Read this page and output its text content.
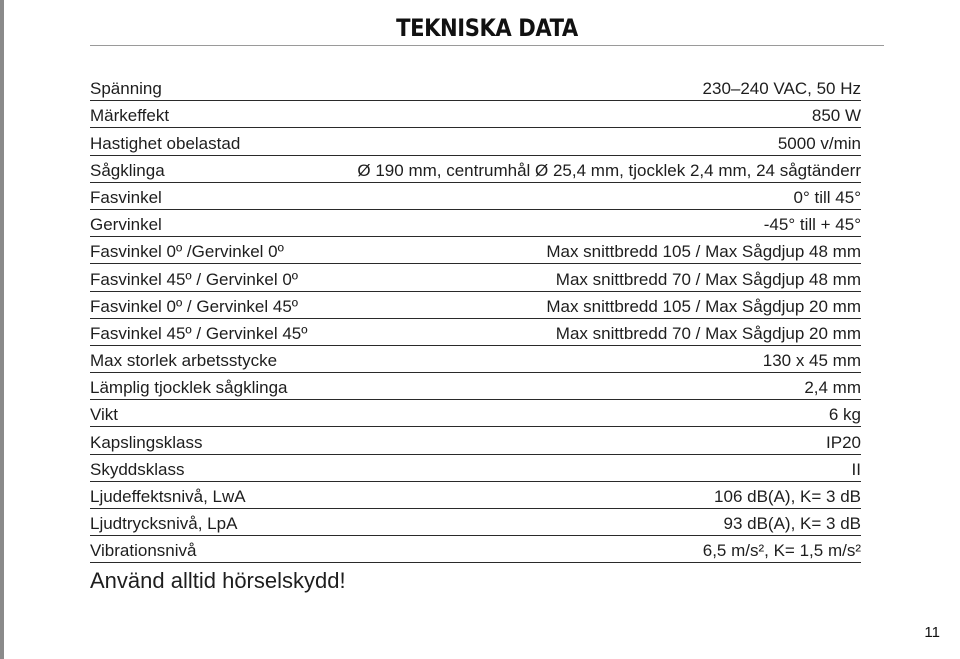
TEKNISKA DATA
Spänning	230–240 VAC, 50 Hz
Märkeffekt	850 W
Hastighet obelastad	5000 v/min
Sågklinga	Ø 190 mm, centrumhål Ø 25,4 mm, tjocklek 2,4 mm, 24 sågtänderr
Fasvinkel	0° till 45°
Gervinkel	-45° till + 45°
Fasvinkel 0º /Gervinkel 0º	Max snittbredd 105 / Max Sågdjup 48 mm
Fasvinkel 45º / Gervinkel 0º	Max snittbredd 70 / Max Sågdjup 48 mm
Fasvinkel 0º / Gervinkel 45º	Max snittbredd 105 / Max Sågdjup 20 mm
Fasvinkel 45º / Gervinkel 45º	Max snittbredd 70 / Max Sågdjup 20 mm
Max storlek arbetsstycke	130 x 45 mm
Lämplig tjocklek sågklinga	2,4 mm
Vikt	6 kg
Kapslingsklass	IP20
Skyddsklass	II
Ljudeffektsnivå, LwA	106 dB(A), K= 3 dB
Ljudtrycksnivå, LpA	93 dB(A), K= 3 dB
Vibrationsnivå	6,5 m/s², K= 1,5 m/s²
Använd alltid hörselskydd!
11
